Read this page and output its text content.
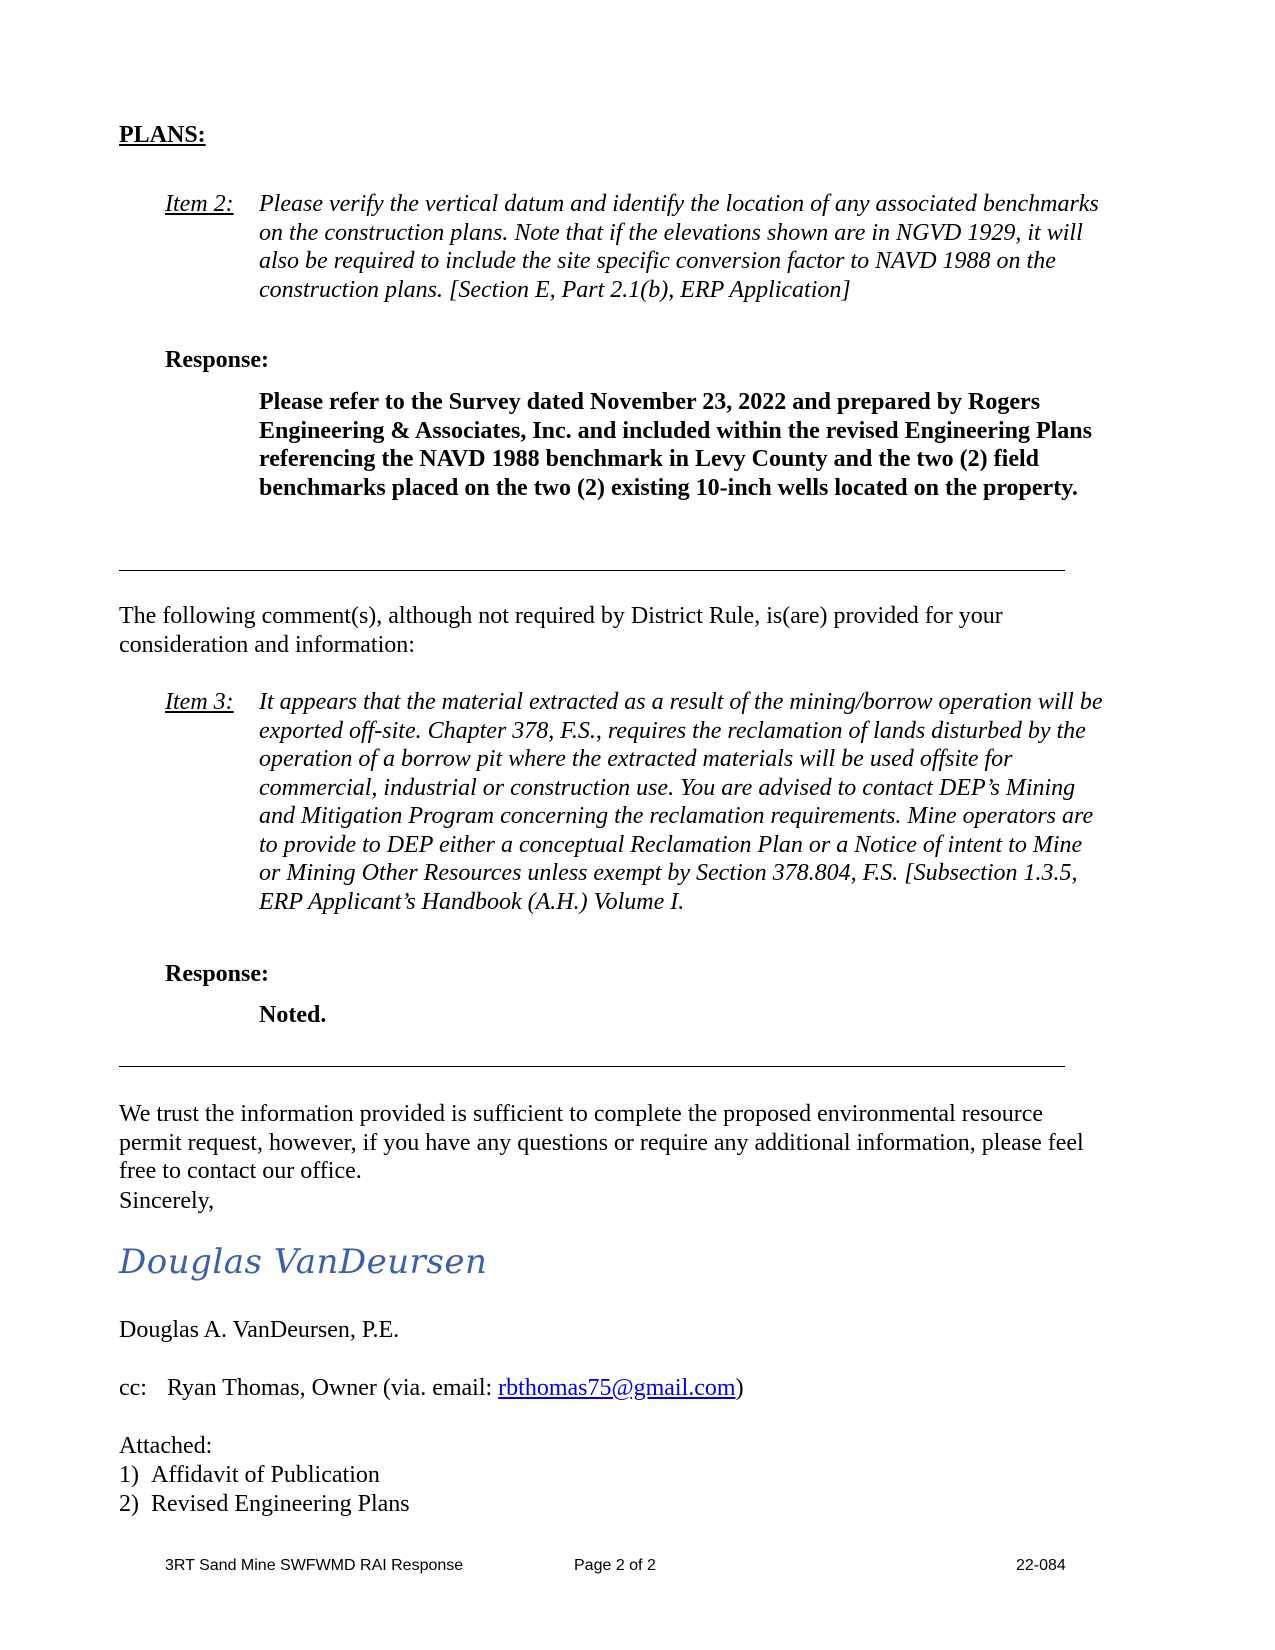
PLANS:
Item 2: Please verify the vertical datum and identify the location of any associated benchmarks on the construction plans. Note that if the elevations shown are in NGVD 1929, it will also be required to include the site specific conversion factor to NAVD 1988 on the construction plans. [Section E, Part 2.1(b), ERP Application]
Response:
Please refer to the Survey dated November 23, 2022 and prepared by Rogers Engineering & Associates, Inc. and included within the revised Engineering Plans referencing the NAVD 1988 benchmark in Levy County and the two (2) field benchmarks placed on the two (2) existing 10-inch wells located on the property.
The following comment(s), although not required by District Rule, is(are) provided for your consideration and information:
Item 3: It appears that the material extracted as a result of the mining/borrow operation will be exported off-site. Chapter 378, F.S., requires the reclamation of lands disturbed by the operation of a borrow pit where the extracted materials will be used offsite for commercial, industrial or construction use. You are advised to contact DEP’s Mining and Mitigation Program concerning the reclamation requirements. Mine operators are to provide to DEP either a conceptual Reclamation Plan or a Notice of intent to Mine or Mining Other Resources unless exempt by Section 378.804, F.S. [Subsection 1.3.5, ERP Applicant’s Handbook (A.H.) Volume I.
Response:
Noted.
We trust the information provided is sufficient to complete the proposed environmental resource permit request, however, if you have any questions or require any additional information, please feel free to contact our office.
Sincerely,
Douglas VanDeursen
Douglas A. VanDeursen, P.E.
cc: Ryan Thomas, Owner (via. email: rbthomas75@gmail.com)
Attached:
1) Affidavit of Publication
2) Revised Engineering Plans
3RT Sand Mine SWFWMD RAI Response	Page 2 of 2	22-084
